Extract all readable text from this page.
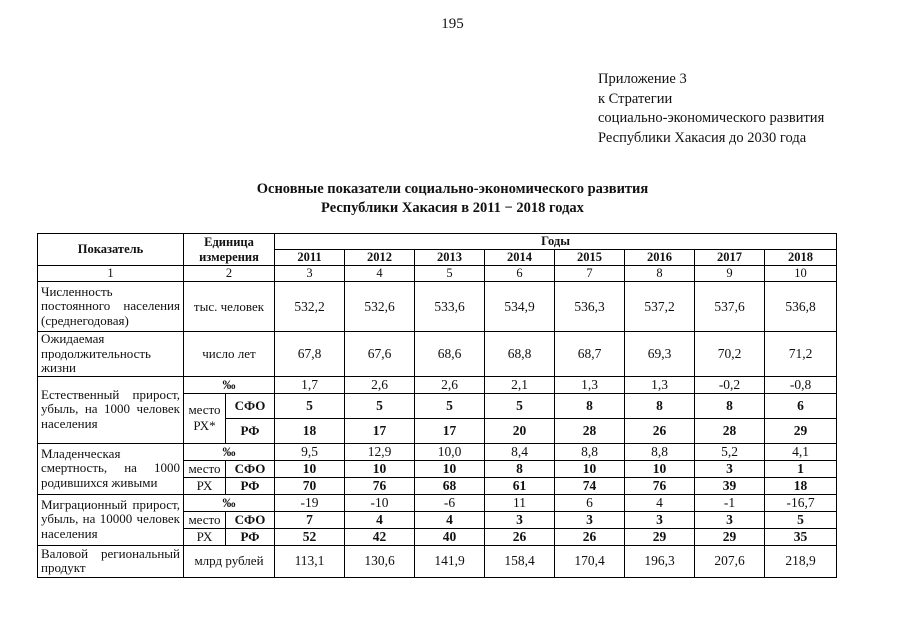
195
Приложение 3
к Стратегии
социально-экономического развития
Республики Хакасия до 2030 года
Основные показатели социально-экономического развития
Республики Хакасия в 2011 − 2018 годах
Показатель	Единица
измерения		Годы							
			2011	2012	2013	2014	2015	2016	2017	2018
1	2		3	4	5	6	7	8	9	10
Численность постоянного населения (среднегодовая)	тыс. человек		532,2	532,6	533,6	534,9	536,3	537,2	537,6	536,8
Ожидаемая продолжительность жизни	число лет		67,8	67,6	68,6	68,8	68,7	69,3	70,2	71,2
Естественный прирост, убыль, на 1000 человек населения	‰		1,7	2,6	2,6	2,1	1,3	1,3	-0,2	-0,8
	место РХ*	СФО	5	5	5	5	8	8	8	6
		РФ	18	17	17	20	28	26	28	29
Младенческая смертность, на 1000 родившихся живыми	‰		9,5	12,9	10,0	8,4	8,8	8,8	5,2	4,1
	место	СФО	10	10	10	8	10	10	3	1
	РХ	РФ	70	76	68	61	74	76	39	18
Миграционный прирост, убыль, на 10000 человек населения	‰		-19	-10	-6	11	6	4	-1	-16,7
	место	СФО	7	4	4	3	3	3	3	5
	РХ	РФ	52	42	40	26	26	29	29	35
Валовой региональный продукт	млрд рублей		113,1	130,6	141,9	158,4	170,4	196,3	207,6	218,9
